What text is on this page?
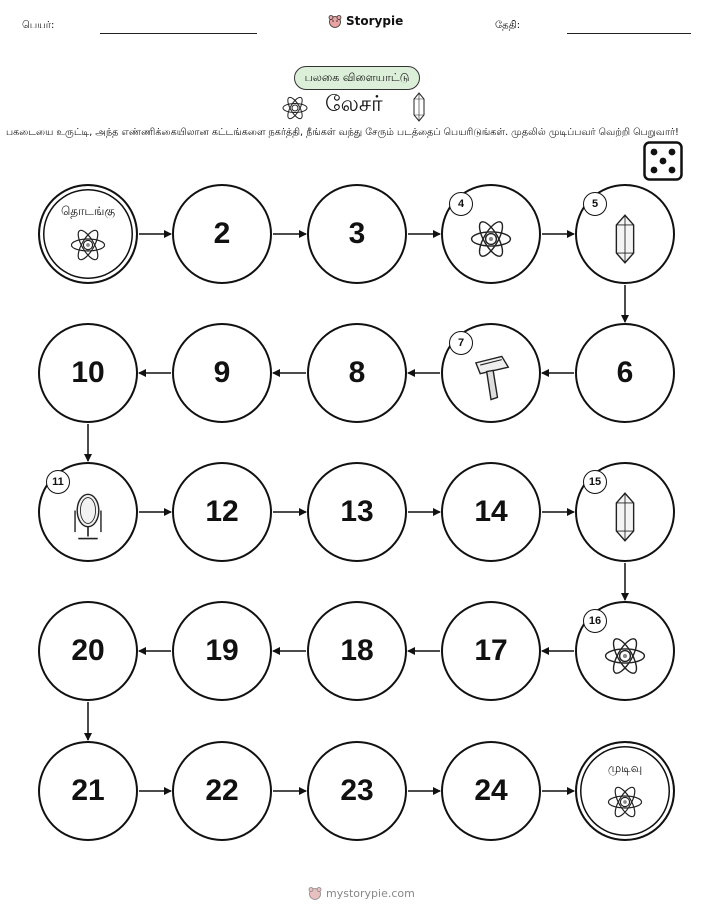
பெயர்:	Storypie	தேதி:
பலகை விளையாட்டு
லேசர்
பகடையை உருட்டி, அந்த எண்ணிக்கையிலான கட்டங்களை நகர்த்தி, நீங்கள் வந்து சேரும் படத்தைப் பெயரிடுங்கள். முதலில் முடிப்பவர் வெற்றி பெறுவார்!
தொடங்கு
2	3
4	5
6
7
8
9
10
11
12	13	14
15
16
17
18
19
20
21	22	23	24
முடிவு
mystorypie.com
